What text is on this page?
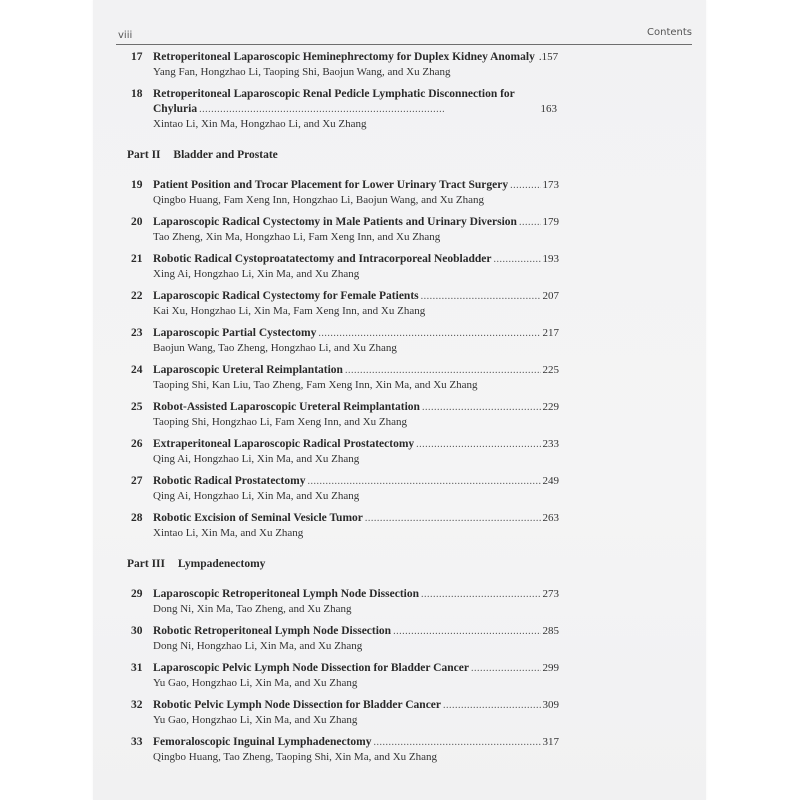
viii	Contents
17 Retroperitoneal Laparoscopic Heminephrectomy for Duplex Kidney Anomaly .157
Yang Fan, Hongzhao Li, Taoping Shi, Baojun Wang, and Xu Zhang
18 Retroperitoneal Laparoscopic Renal Pedicle Lymphatic Disconnection for
Chyluria . . .	163
Xintao Li, Xin Ma, Hongzhao Li, and Xu Zhang
Part II Bladder and Prostate
19 Patient Position and Trocar Placement for Lower Urinary Tract Surgery . . .	173
Qingbo Huang, Fam Xeng Inn, Hongzhao Li, Baojun Wang, and Xu Zhang
20 Laparoscopic Radical Cystectomy in Male Patients and Urinary Diversion . . . 179
Tao Zheng, Xin Ma, Hongzhao Li, Fam Xeng Inn, and Xu Zhang
21 Robotic Radical Cystoproatatectomy and Intracorporeal Neobladder . . .	193
Xing Ai, Hongzhao Li, Xin Ma, and Xu Zhang
22 Laparoscopic Radical Cystectomy for Female Patients . . .	207
Kai Xu, Hongzhao Li, Xin Ma, Fam Xeng Inn, and Xu Zhang
23 Laparoscopic Partial Cystectomy . . .	217
Baojun Wang, Tao Zheng, Hongzhao Li, and Xu Zhang
24 Laparoscopic Ureteral Reimplantation . . .	225
Taoping Shi, Kan Liu, Tao Zheng, Fam Xeng Inn, Xin Ma, and Xu Zhang
25 Robot-Assisted Laparoscopic Ureteral Reimplantation . . .	229
Taoping Shi, Hongzhao Li, Fam Xeng Inn, and Xu Zhang
26 Extraperitoneal Laparoscopic Radical Prostatectomy . . .	233
Qing Ai, Hongzhao Li, Xin Ma, and Xu Zhang
27 Robotic Radical Prostatectomy . . .	249
Qing Ai, Hongzhao Li, Xin Ma, and Xu Zhang
28 Robotic Excision of Seminal Vesicle Tumor . . .	263
Xintao Li, Xin Ma, and Xu Zhang
Part III Lympadenectomy
29 Laparoscopic Retroperitoneal Lymph Node Dissection . . .	273
Dong Ni, Xin Ma, Tao Zheng, and Xu Zhang
30 Robotic Retroperitoneal Lymph Node Dissection . . .	285
Dong Ni, Hongzhao Li, Xin Ma, and Xu Zhang
31 Laparoscopic Pelvic Lymph Node Dissection for Bladder Cancer . . .	299
Yu Gao, Hongzhao Li, Xin Ma, and Xu Zhang
32 Robotic Pelvic Lymph Node Dissection for Bladder Cancer . . .	309
Yu Gao, Hongzhao Li, Xin Ma, and Xu Zhang
33 Femoraloscopic Inguinal Lymphadenectomy . . .	317
Qingbo Huang, Tao Zheng, Taoping Shi, Xin Ma, and Xu Zhang
